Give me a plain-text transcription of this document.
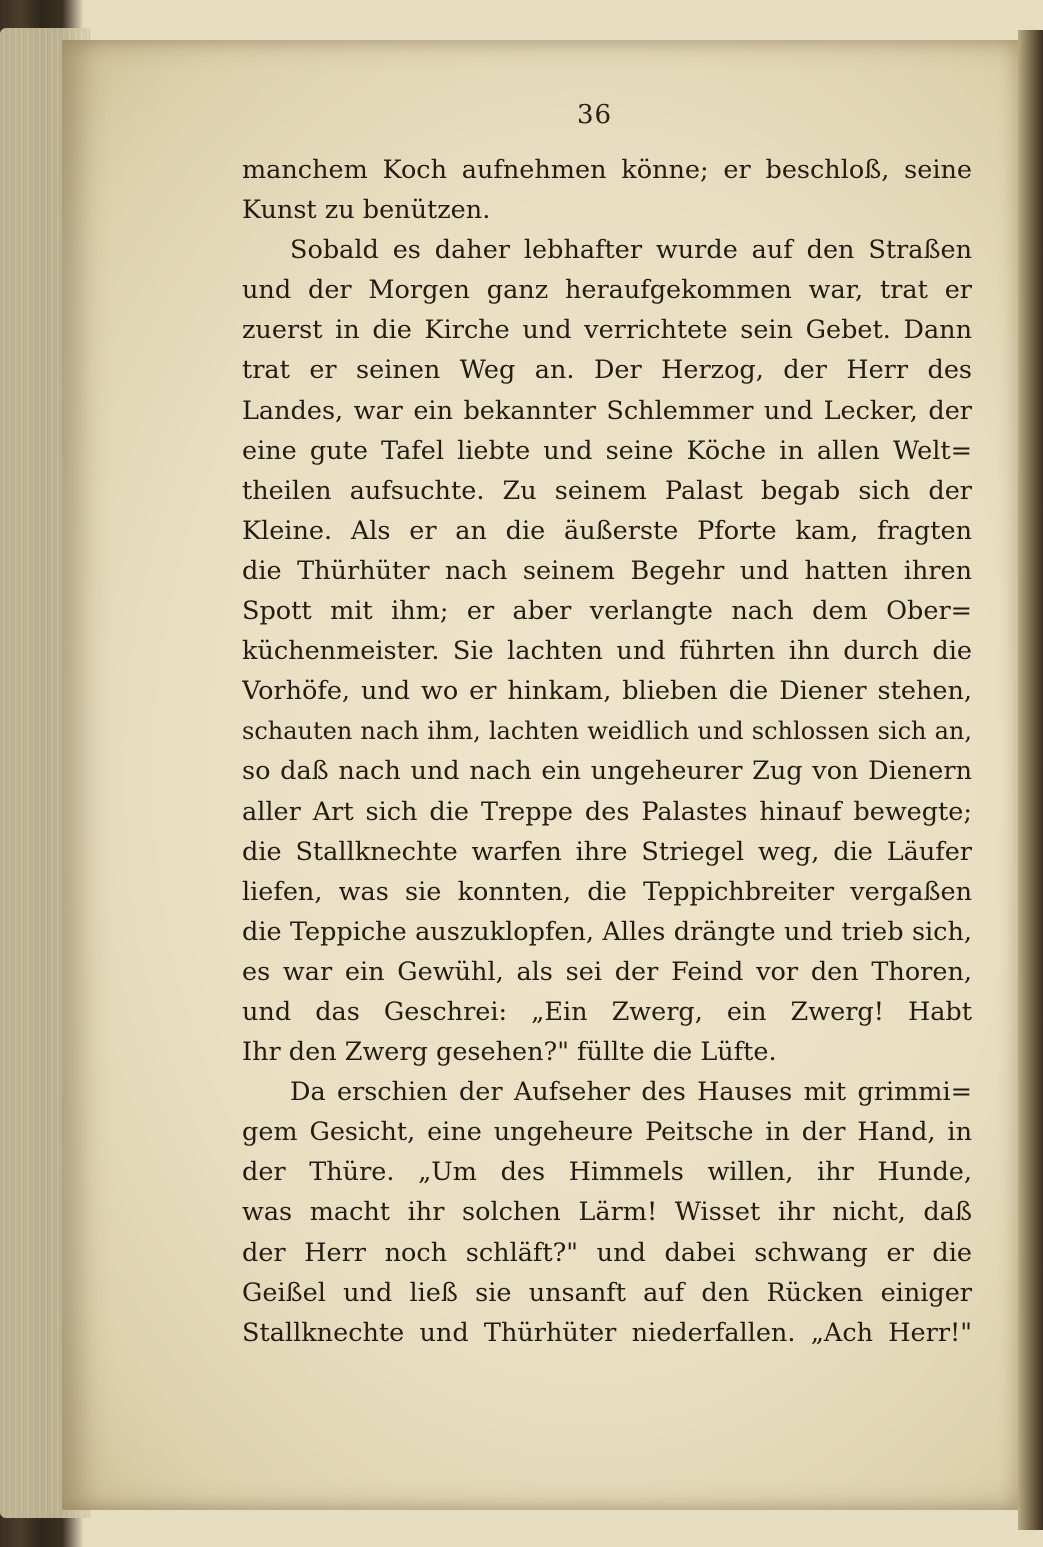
36
manchem Koch aufnehmen könne; er beschloß, seine
Kunst zu benützen.
Sobald es daher lebhafter wurde auf den Straßen
und der Morgen ganz heraufgekommen war, trat er
zuerst in die Kirche und verrichtete sein Gebet. Dann
trat er seinen Weg an. Der Herzog, der Herr des
Landes, war ein bekannter Schlemmer und Lecker, der
eine gute Tafel liebte und seine Köche in allen Welt=
theilen aufsuchte. Zu seinem Palast begab sich der
Kleine. Als er an die äußerste Pforte kam, fragten
die Thürhüter nach seinem Begehr und hatten ihren
Spott mit ihm; er aber verlangte nach dem Ober=
küchenmeister. Sie lachten und führten ihn durch die
Vorhöfe, und wo er hinkam, blieben die Diener stehen,
schauten nach ihm, lachten weidlich und schlossen sich an,
so daß nach und nach ein ungeheurer Zug von Dienern
aller Art sich die Treppe des Palastes hinauf bewegte;
die Stallknechte warfen ihre Striegel weg, die Läufer
liefen, was sie konnten, die Teppichbreiter vergaßen
die Teppiche auszuklopfen, Alles drängte und trieb sich,
es war ein Gewühl, als sei der Feind vor den Thoren,
und das Geschrei: „Ein Zwerg, ein Zwerg! Habt
Ihr den Zwerg gesehen?" füllte die Lüfte.
Da erschien der Aufseher des Hauses mit grimmi=
gem Gesicht, eine ungeheure Peitsche in der Hand, in
der Thüre. „Um des Himmels willen, ihr Hunde,
was macht ihr solchen Lärm! Wisset ihr nicht, daß
der Herr noch schläft?" und dabei schwang er die
Geißel und ließ sie unsanft auf den Rücken einiger
Stallknechte und Thürhüter niederfallen. „Ach Herr!"
